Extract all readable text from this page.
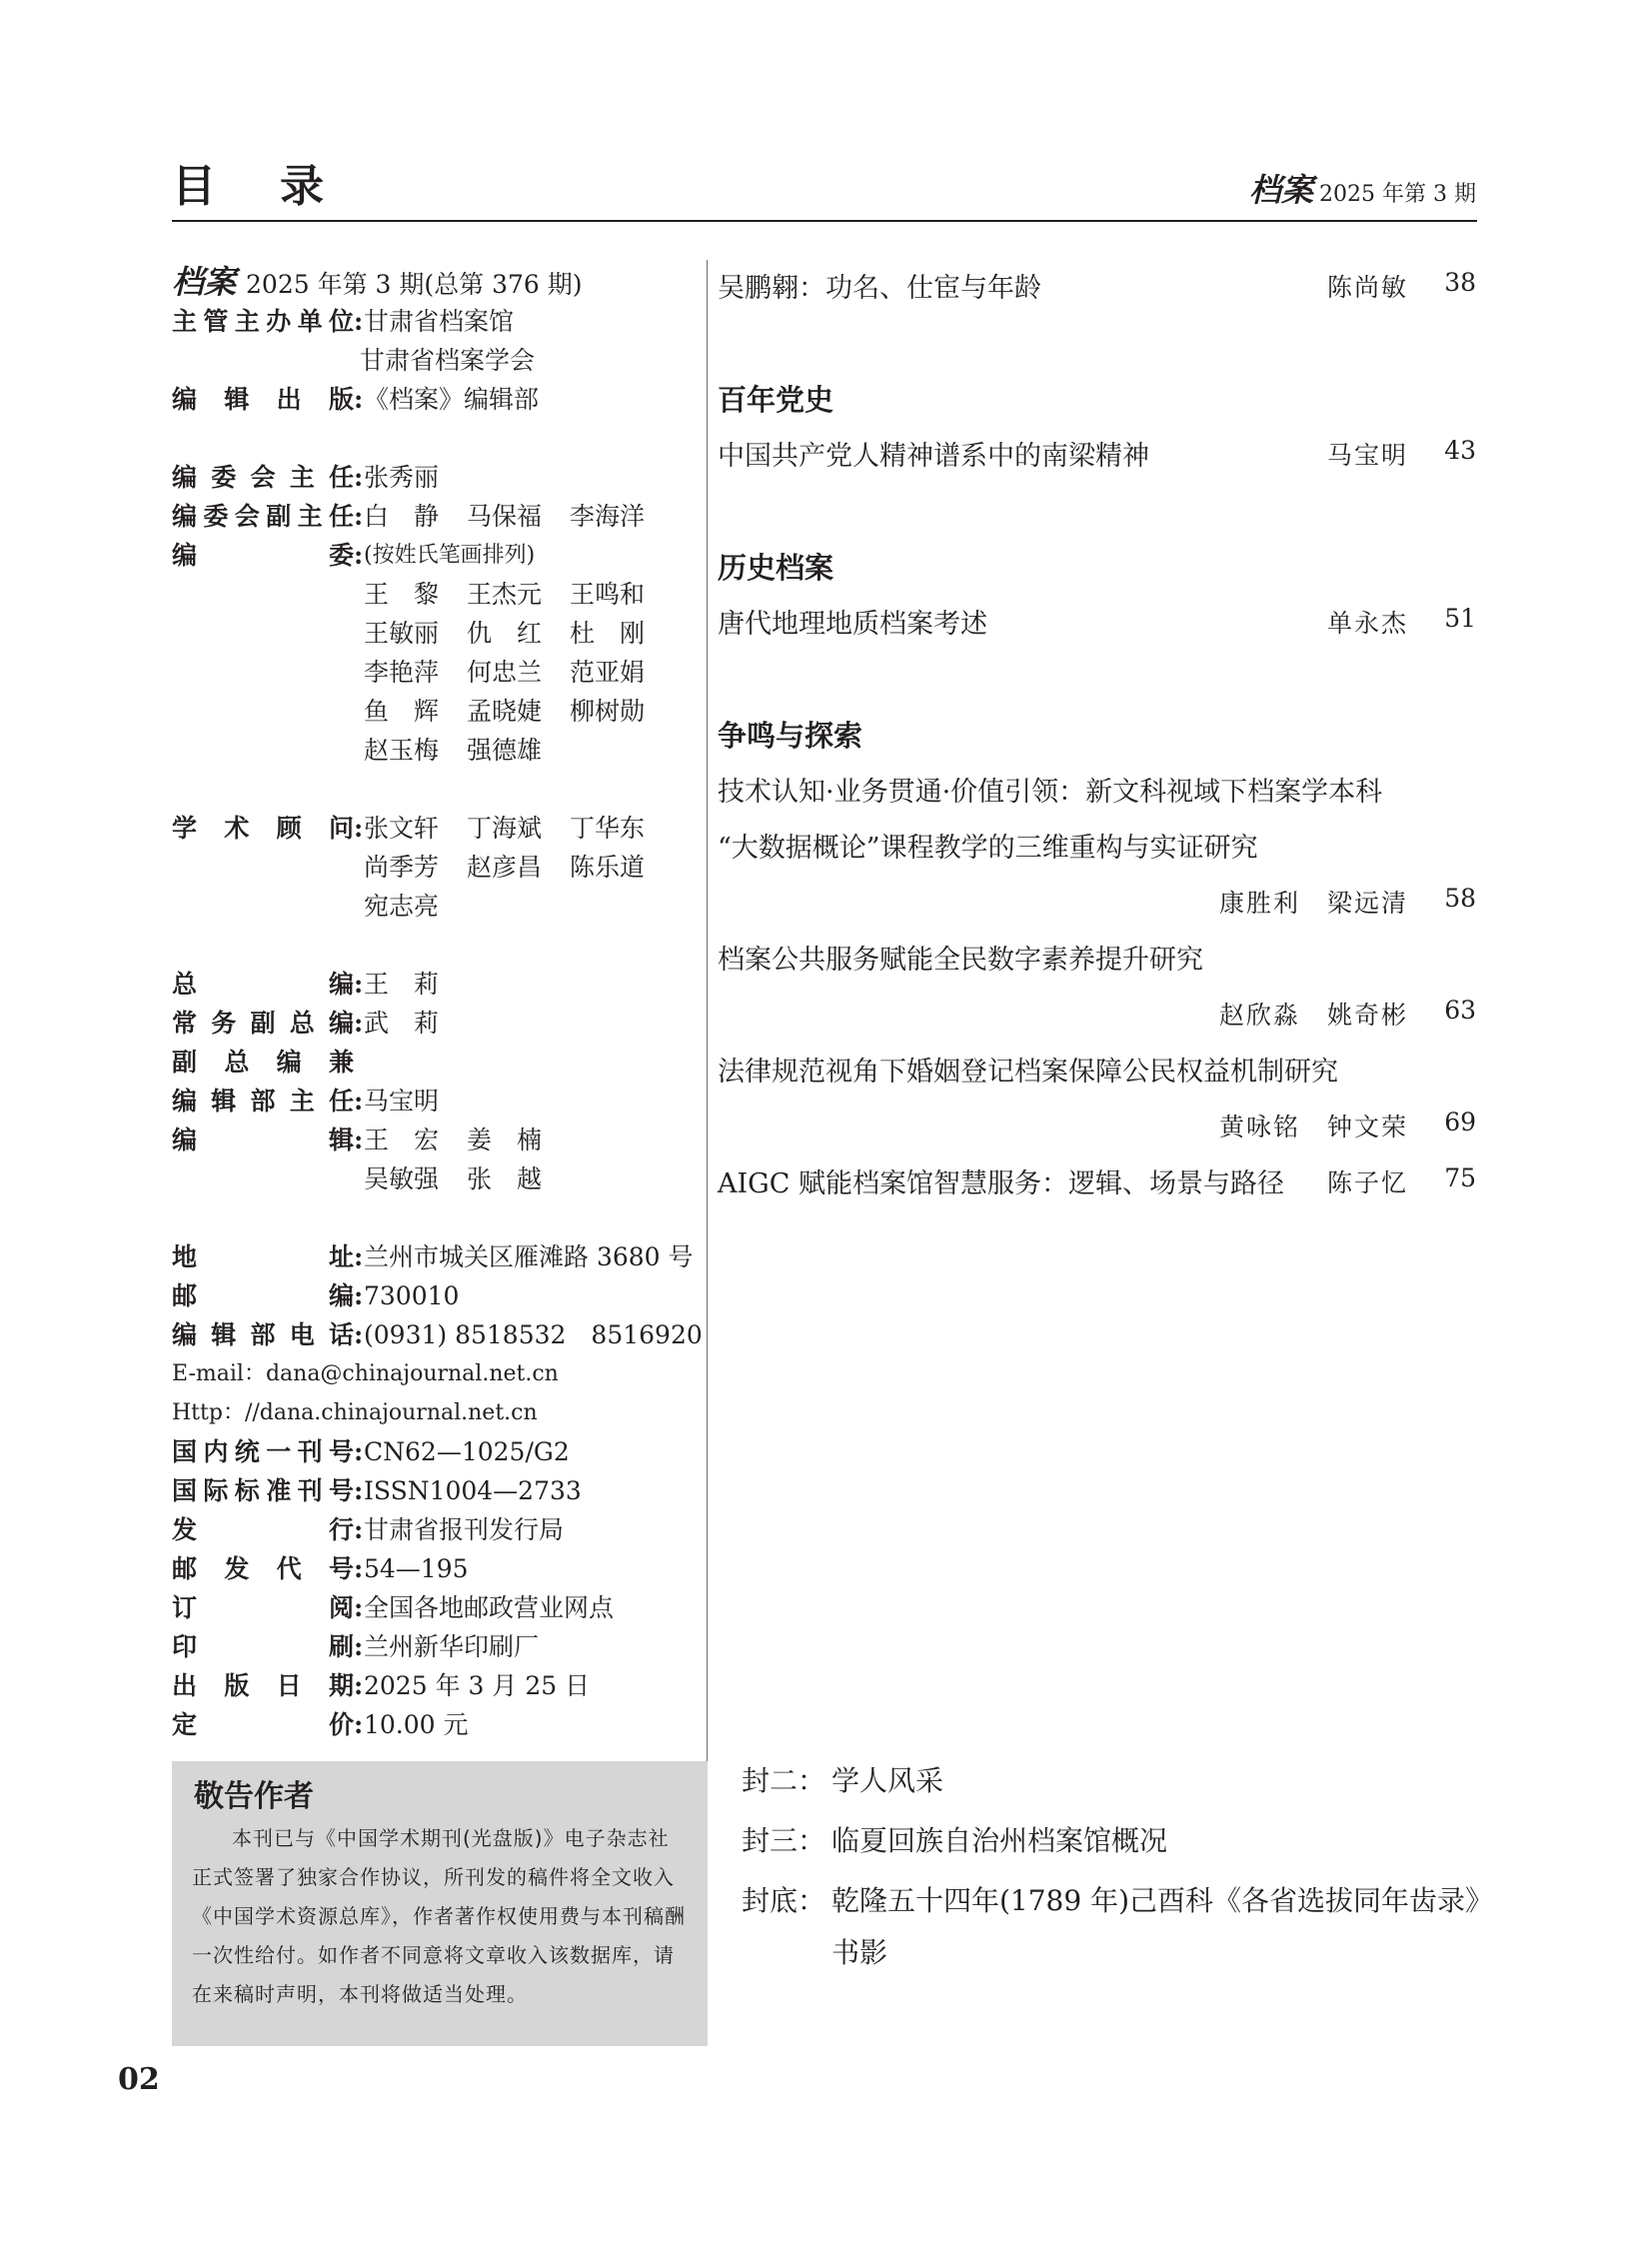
目录	档案 2025 年第 3 期
档案 2025 年第 3 期(总第 376 期)
主管主办单位 : 甘肃省档案馆
甘肃省档案学会
编辑出版 : 《档案》编辑部
编委会主任 : 张秀丽
编委会副主任 : 白　静	马保福	李海洋
编委 : (按姓氏笔画排列)
王　黎	王杰元	王鸣和
王敏丽	仇　红	杜　刚
李艳萍	何忠兰	范亚娟
鱼　辉	孟晓婕	柳树勋
赵玉梅	强德雄
学术顾问 : 张文轩	丁海斌	丁华东
尚季芳	赵彦昌	陈乐道
宛志亮
总编 : 王　莉
常务副总编 : 武　莉
副总编兼
编辑部主任 : 马宝明
编辑 : 王　宏	姜　楠
吴敏强	张　越
地址 : 兰州市城关区雁滩路 3680 号
邮编 : 730010
编辑部电话 : (0931) 8518532　8516920
E-mail：dana@chinajournal.net.cn
Http：//dana.chinajournal.net.cn
国内统一刊号 : CN62—1025/G2
国际标准刊号 : ISSN1004—2733
发行 : 甘肃省报刊发行局
邮发代号 : 54—195
订阅 : 全国各地邮政营业网点
印刷 : 兰州新华印刷厂
出版日期 : 2025 年 3 月 25 日
定价 : 10.00 元
敬告作者
本刊已与《中国学术期刊(光盘版)》电子杂志社正式签署了独家合作协议，所刊发的稿件将全文收入《中国学术资源总库》，作者著作权使用费与本刊稿酬一次性给付。如作者不同意将文章收入该数据库，请在来稿时声明，本刊将做适当处理。
02
吴鹏翱：功名、仕宦与年龄	陈尚敏	38
百年党史
中国共产党人精神谱系中的南梁精神	马宝明	43
历史档案
唐代地理地质档案考述	单永杰	51
争鸣与探索
技术认知·业务贯通·价值引领：新文科视域下档案学本科
“大数据概论”课程教学的三维重构与实证研究
康胜利　梁远清	58
档案公共服务赋能全民数字素养提升研究
赵欣淼　姚奇彬	63
法律规范视角下婚姻登记档案保障公民权益机制研究
黄咏铭　钟文荣	69
AIGC 赋能档案馆智慧服务：逻辑、场景与路径 陈子忆	75
封二： 学人风采
封三： 临夏回族自治州档案馆概况
封底： 乾隆五十四年(1789 年)己酉科《各省选拔同年齿录》
书影
